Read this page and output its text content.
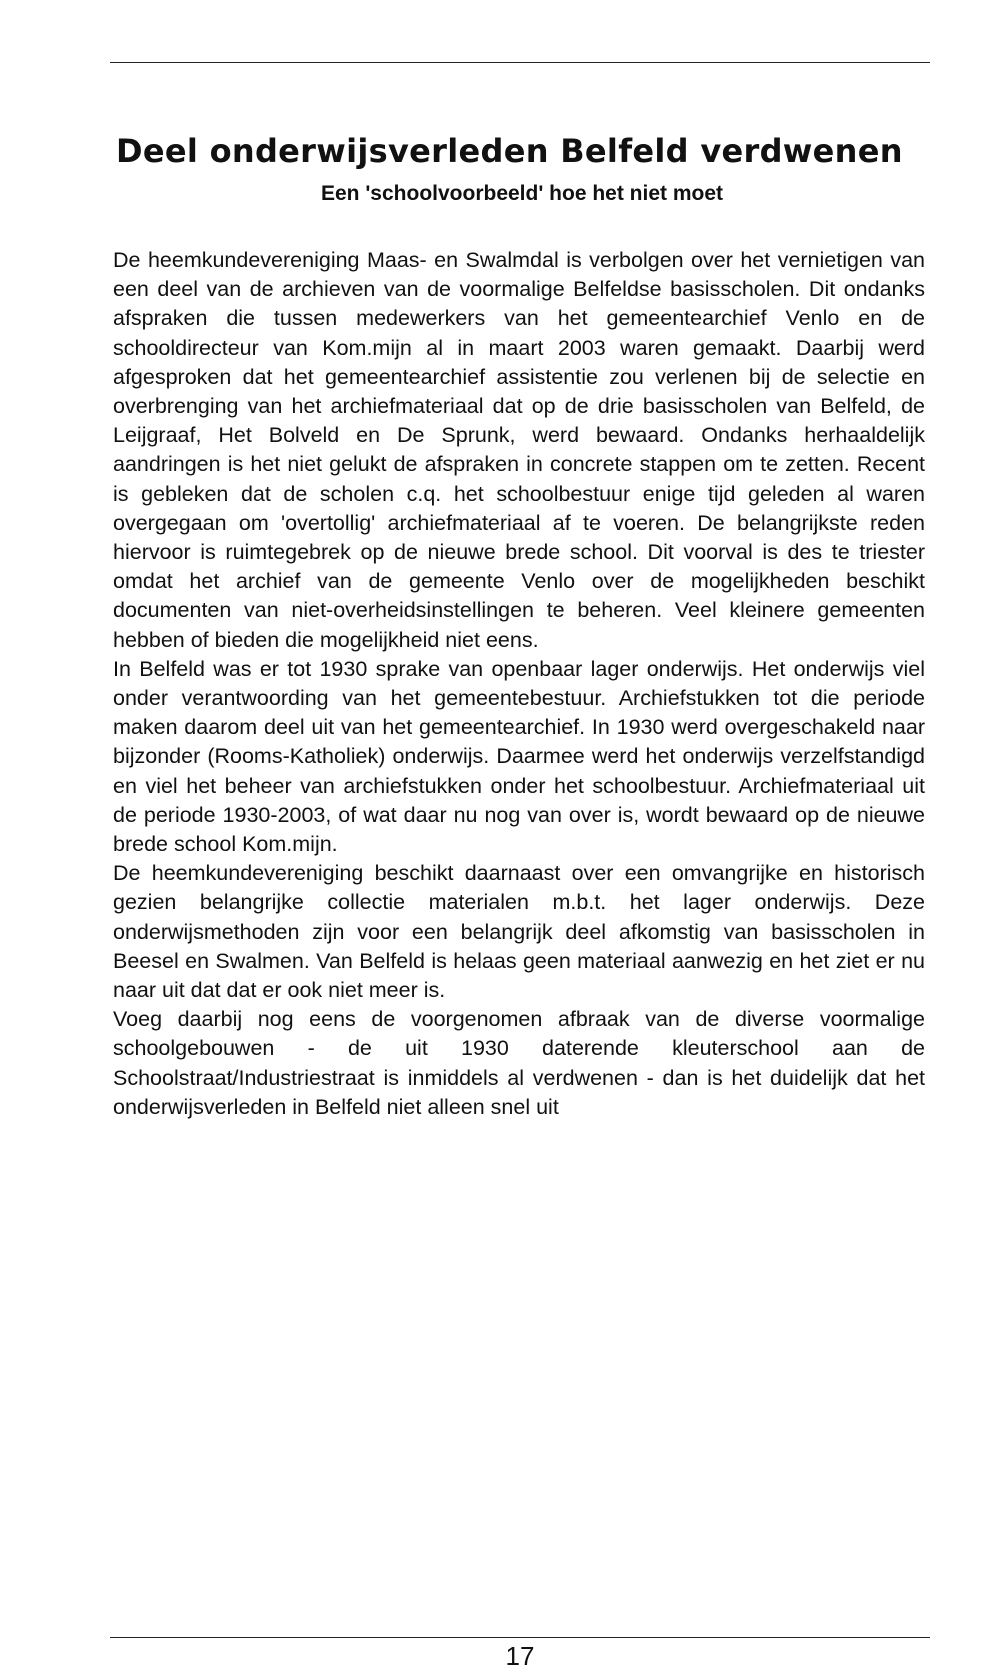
Deel onderwijsverleden Belfeld verdwenen
Een 'schoolvoorbeeld' hoe het niet moet

De heemkundevereniging Maas- en Swalmdal is verbolgen over het vernietigen van een deel van de archieven van de voormalige Belfeldse basisscholen. Dit ondanks afspraken die tussen medewerkers van het gemeentearchief Venlo en de schooldirecteur van Kom.mijn al in maart 2003 waren gemaakt. Daarbij werd afgesproken dat het gemeentearchief assistentie zou verlenen bij de selectie en overbrenging van het archiefmateriaal dat op de drie basisscholen van Belfeld, de Leijgraaf, Het Bolveld en De Sprunk, werd bewaard. Ondanks herhaaldelijk aandringen is het niet gelukt de afspraken in concrete stappen om te zetten. Recent is gebleken dat de scholen c.q. het schoolbestuur enige tijd geleden al waren overgegaan om 'overtollig' archiefmateriaal af te voeren. De belangrijkste reden hiervoor is ruimtegebrek op de nieuwe brede school. Dit voorval is des te triester omdat het archief van de gemeente Venlo over de mogelijkheden beschikt documenten van niet-overheidsinstellingen te beheren. Veel kleinere gemeenten hebben of bieden die mogelijkheid niet eens.

In Belfeld was er tot 1930 sprake van openbaar lager onderwijs. Het onderwijs viel onder verantwoording van het gemeentebestuur. Archiefstukken tot die periode maken daarom deel uit van het gemeentearchief. In 1930 werd overgeschakeld naar bijzonder (Rooms-Katholiek) onderwijs. Daarmee werd het onderwijs verzelfstandigd en viel het beheer van archiefstukken onder het schoolbestuur. Archiefmateriaal uit de periode 1930-2003, of wat daar nu nog van over is, wordt bewaard op de nieuwe brede school Kom.mijn.

De heemkundevereniging beschikt daarnaast over een omvangrijke en historisch gezien belangrijke collectie materialen m.b.t. het lager onderwijs. Deze onderwijsmethoden zijn voor een belangrijk deel afkomstig van basisscholen in Beesel en Swalmen. Van Belfeld is helaas geen materiaal aanwezig en het ziet er nu naar uit dat dat er ook niet meer is.

Voeg daarbij nog eens de voorgenomen afbraak van de diverse voormalige schoolgebouwen - de uit 1930 daterende kleuterschool aan de Schoolstraat/Industriestraat is inmiddels al verdwenen - dan is het duidelijk dat het onderwijsverleden in Belfeld niet alleen snel uit

17
